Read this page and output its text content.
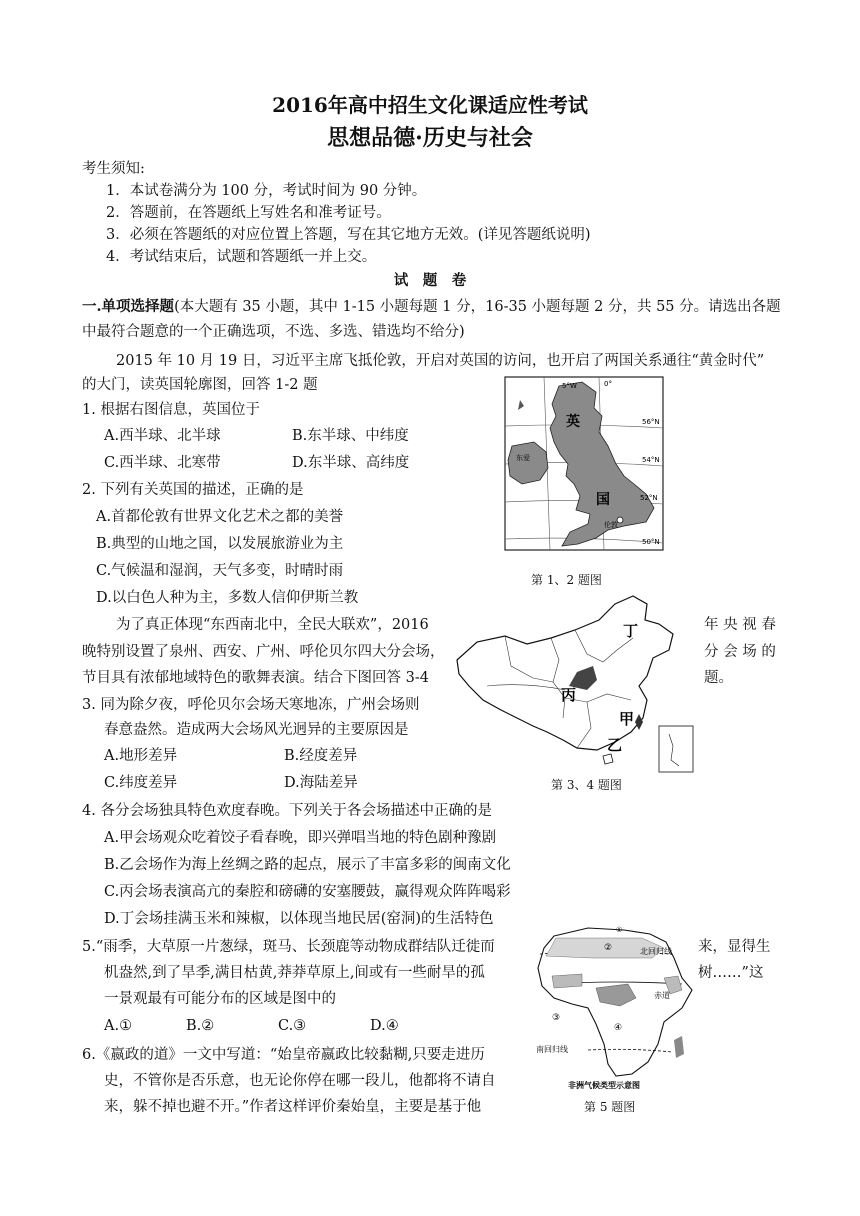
2016年高中招生文化课适应性考试
思想品德·历史与社会
考生须知:
1．本试卷满分为 100 分，考试时间为 90 分钟。
2．答题前，在答题纸上写姓名和准考证号。
3．必须在答题纸的对应位置上答题，写在其它地方无效。(详见答题纸说明)
4．考试结束后，试题和答题纸一并上交。
试　题　卷
一.单项选择题(本大题有 35 小题，其中 1-15 小题每题 1 分，16-35 小题每题 2 分，共 55 分。请选出各题
中最符合题意的一个正确选项，不选、多选、错选均不给分)
2015 年 10 月 19 日，习近平主席飞抵伦敦，开启对英国的访问，也开启了两国关系通往“黄金时代”
的大门，读英国轮廓图，回答 1-2 题
1. 根据右图信息，英国位于
A.西半球、北半球	B.东半球、中纬度
C.西半球、北寒带	D.东半球、高纬度
2. 下列有关英国的描述，正确的是
A.首都伦敦有世界文化艺术之都的美誉
B.典型的山地之国，以发展旅游业为主
C.气候温和湿润，天气多变，时晴时雨
D.以白色人种为主，多数人信仰伊斯兰教
5°W	0°
56°N
54°N
52°N
50°N
英
国
伦敦
东爱
第 1、2 题图
为了真正体现“东西南北中，全民大联欢”，2016	年 央 视 春
晚特别设置了泉州、西安、广州、呼伦贝尔四大分会场，	分 会 场 的
节目具有浓郁地域特色的歌舞表演。结合下图回答 3-4	题。
丁
丙
甲
乙
第 3、4 题图
3. 同为除夕夜，呼伦贝尔会场天寒地冻，广州会场则
春意盎然。造成两大会场风光迥异的主要原因是
A.地形差异	B.经度差异
C.纬度差异	D.海陆差异
4. 各分会场独具特色欢度春晚。下列关于各会场描述中正确的是
A.甲会场观众吃着饺子看春晚，即兴弹唱当地的特色剧种豫剧
B.乙会场作为海上丝绸之路的起点，展示了丰富多彩的闽南文化
C.丙会场表演高亢的秦腔和磅礴的安塞腰鼓，赢得观众阵阵喝彩
D.丁会场挂满玉米和辣椒，以体现当地民居(窑洞)的生活特色
5.“雨季，大草原一片葱绿，斑马、长颈鹿等动物成群结队迁徙而	来，显得生
机盎然,到了旱季,满目枯黄,莽莽草原上,间或有一些耐旱的孤	树……”这
一景观最有可能分布的区域是图中的
A.①	B.②	C.③	D.④
①
②
③
④
北回归线
赤道
南回归线
非洲气候类型示意图
第 5 题图
6.《嬴政的道》一文中写道：“始皇帝嬴政比较黏糊,只要走进历
史，不管你是否乐意，也无论你停在哪一段儿，他都将不请自
来，躲不掉也避不开。”作者这样评价秦始皇，主要是基于他
